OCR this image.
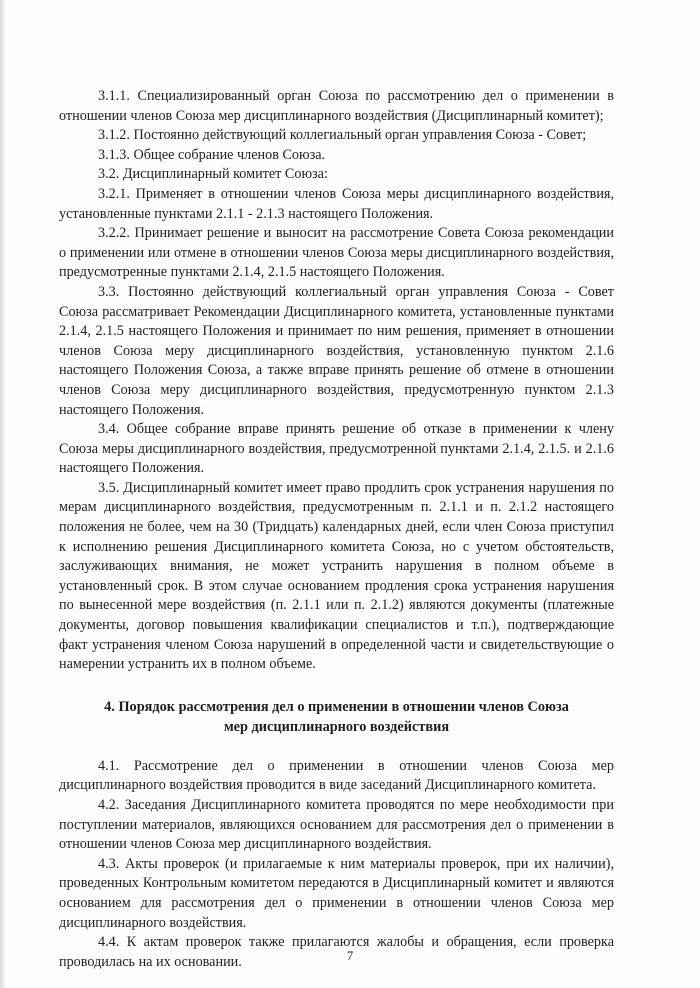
3.1.1. Специализированный орган Союза по рассмотрению дел о применении в отношении членов Союза мер дисциплинарного воздействия (Дисциплинарный комитет);

3.1.2. Постоянно действующий коллегиальный орган управления Союза - Совет;

3.1.3. Общее собрание членов Союза.

3.2. Дисциплинарный комитет Союза:

3.2.1. Применяет в отношении членов Союза меры дисциплинарного воздействия, установленные пунктами 2.1.1 - 2.1.3 настоящего Положения.

3.2.2. Принимает решение и выносит на рассмотрение Совета Союза рекомендации о применении или отмене в отношении членов Союза меры дисциплинарного воздействия, предусмотренные пунктами 2.1.4, 2.1.5 настоящего Положения.

3.3. Постоянно действующий коллегиальный орган управления Союза - Совет Союза рассматривает Рекомендации Дисциплинарного комитета, установленные пунктами 2.1.4, 2.1.5 настоящего Положения и принимает по ним решения, применяет в отношении членов Союза меру дисциплинарного воздействия, установленную пунктом 2.1.6 настоящего Положения Союза, а также вправе принять решение об отмене в отношении членов Союза меру дисциплинарного воздействия, предусмотренную пунктом 2.1.3 настоящего Положения.

3.4. Общее собрание вправе принять решение об отказе в применении к члену Союза меры дисциплинарного воздействия, предусмотренной пунктами 2.1.4, 2.1.5. и 2.1.6 настоящего Положения.

3.5. Дисциплинарный комитет имеет право продлить срок устранения нарушения по мерам дисциплинарного воздействия, предусмотренным п. 2.1.1 и п. 2.1.2 настоящего положения не более, чем на 30 (Тридцать) календарных дней, если член Союза приступил к исполнению решения Дисциплинарного комитета Союза, но с учетом обстоятельств, заслуживающих внимания, не может устранить нарушения в полном объеме в установленный срок. В этом случае основанием продления срока устранения нарушения по вынесенной мере воздействия (п. 2.1.1 или п. 2.1.2) являются документы (платежные документы, договор повышения квалификации специалистов и т.п.), подтверждающие факт устранения членом Союза нарушений в определенной части и свидетельствующие о намерении устранить их в полном объеме.

4. Порядок рассмотрения дел о применении в отношении членов Союза

мер дисциплинарного воздействия

4.1. Рассмотрение дел о применении в отношении членов Союза мер дисциплинарного воздействия проводится в виде заседаний Дисциплинарного комитета.

4.2. Заседания Дисциплинарного комитета проводятся по мере необходимости при поступлении материалов, являющихся основанием для рассмотрения дел о применении в отношении членов Союза мер дисциплинарного воздействия.

4.3. Акты проверок (и прилагаемые к ним материалы проверок, при их наличии), проведенных Контрольным комитетом передаются в Дисциплинарный комитет и являются основанием для рассмотрения дел о применении в отношении членов Союза мер дисциплинарного воздействия.

4.4. К актам проверок также прилагаются жалобы и обращения, если проверка проводилась на их основании.	7
